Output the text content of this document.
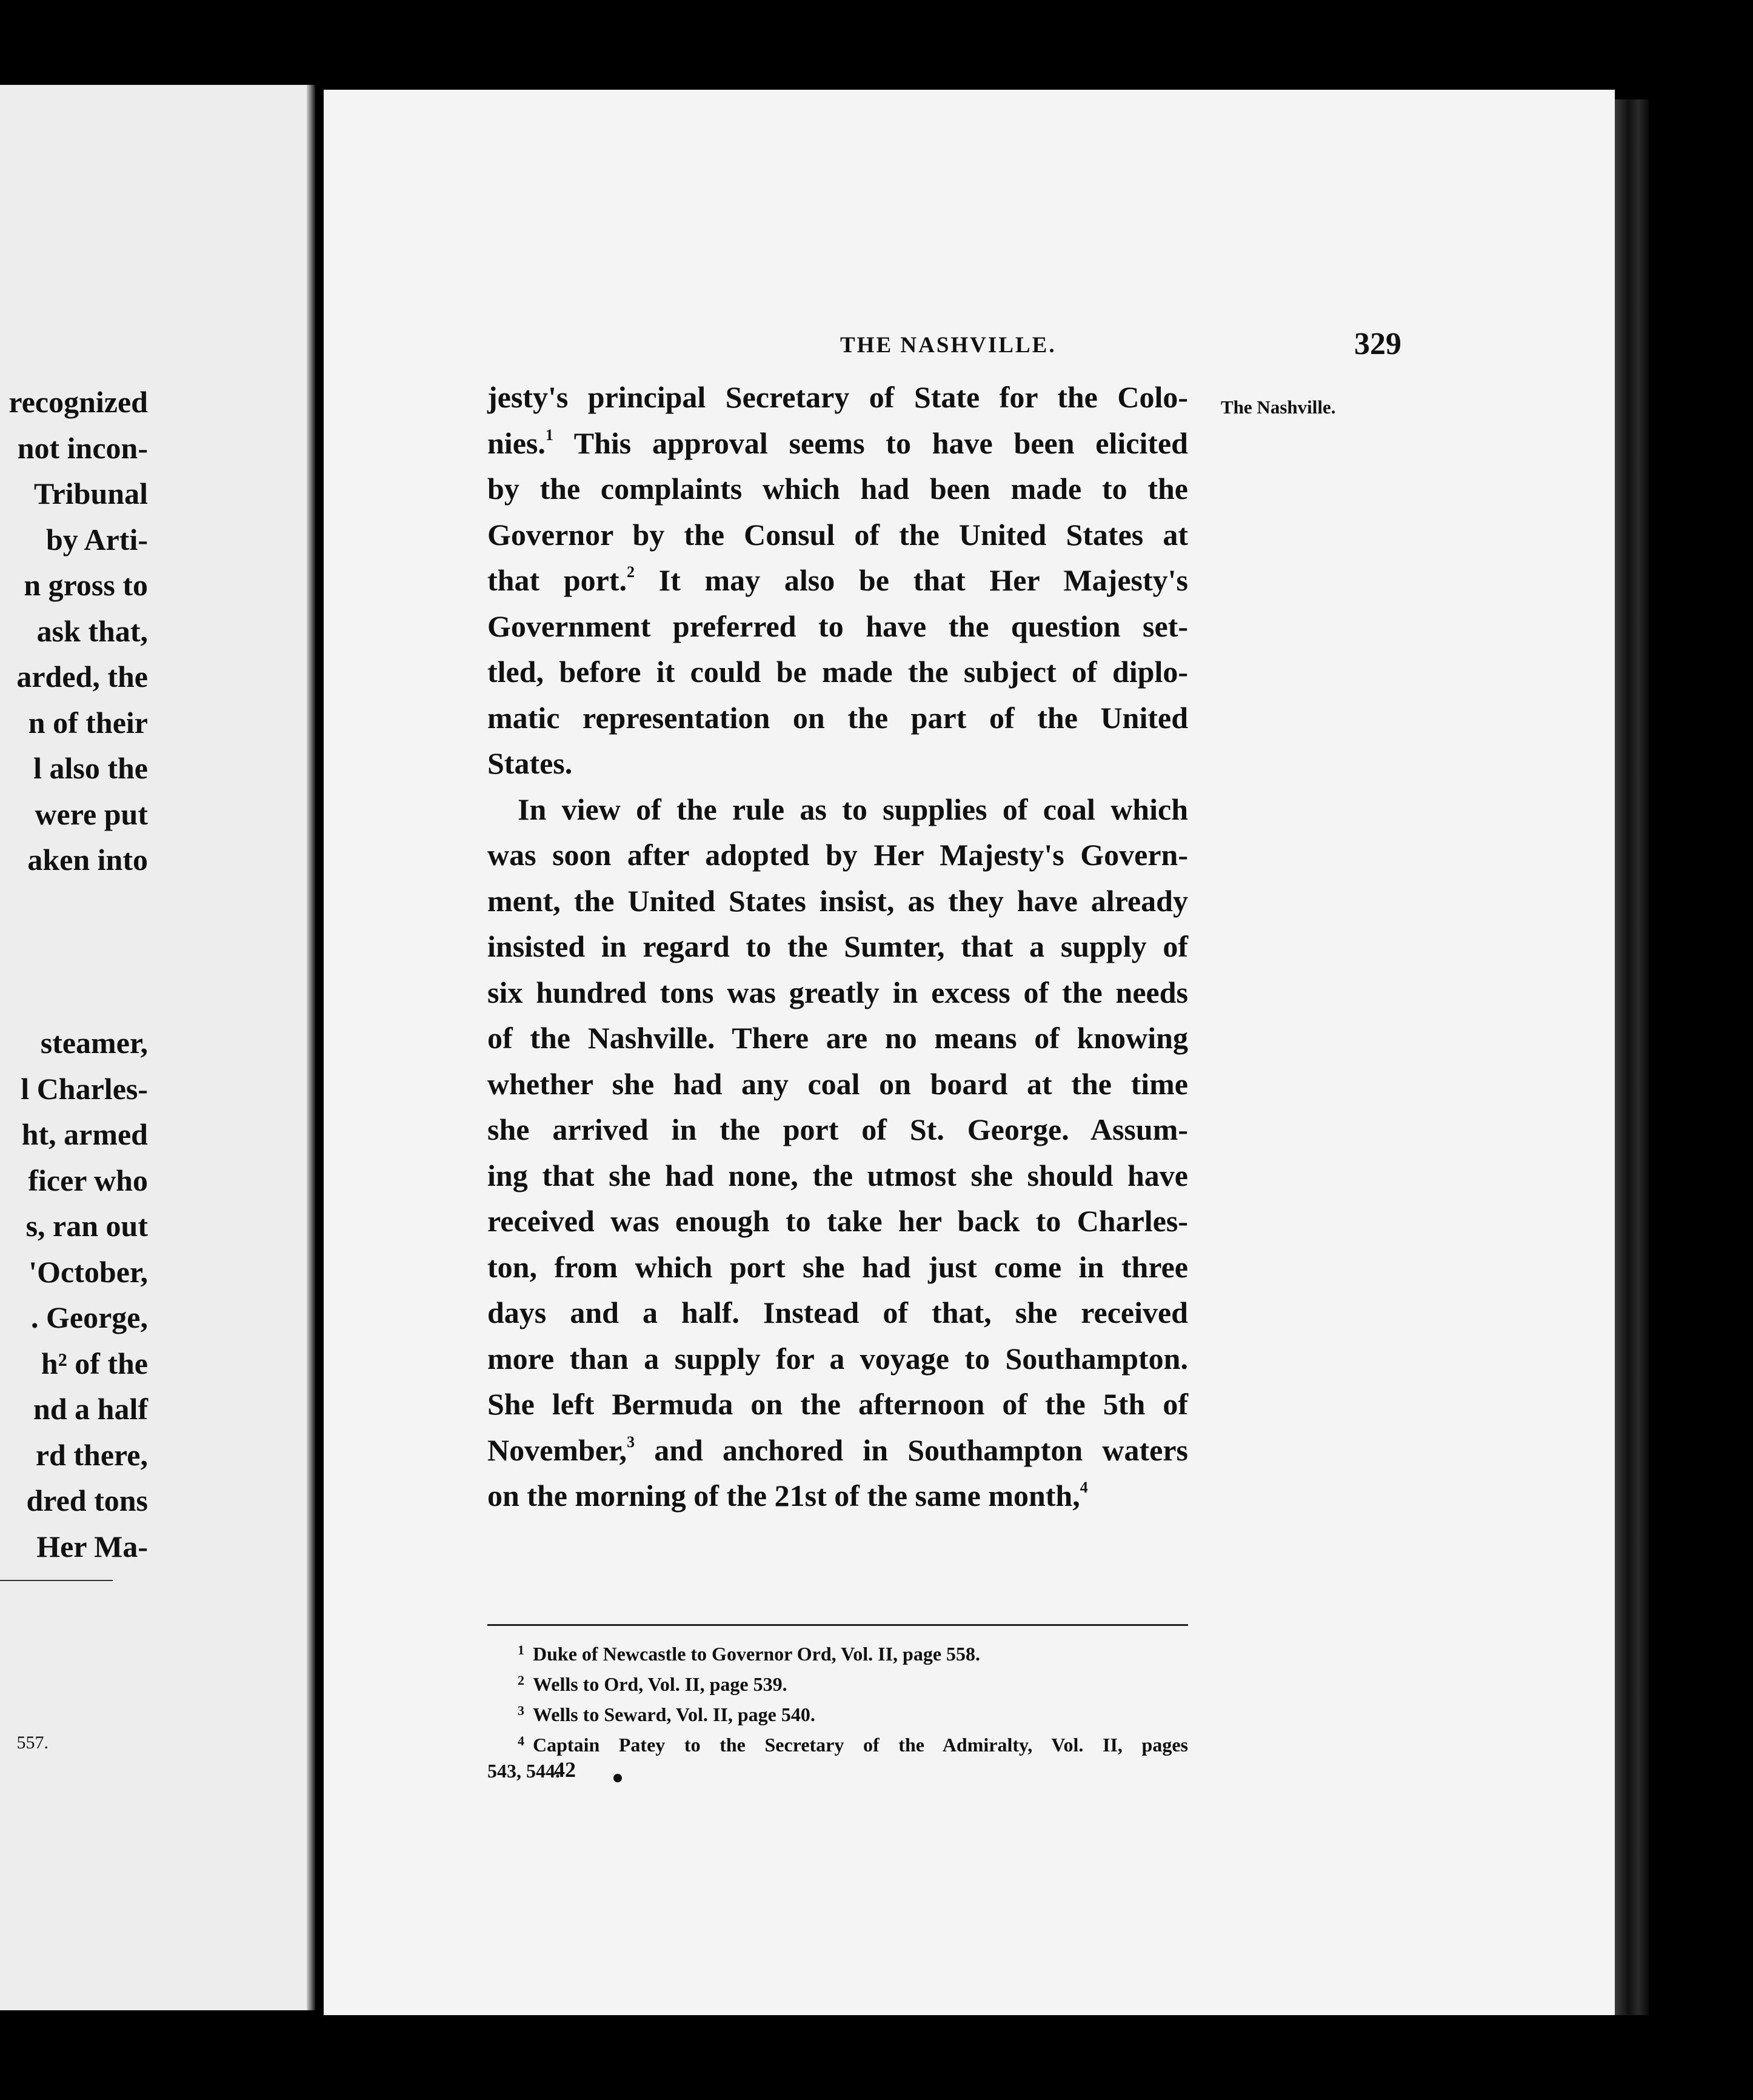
recognized
not incon-
Tribunal
by Arti-
n gross to
ask that,
arded, the
n of their
l also the
were put
aken into
steamer,
l Charles-
ht, armed
ficer who
s, ran out
'October,
. George,
h² of the
nd a half
rd there,
dred tons
Her Ma-
557.
THE NASHVILLE.	329
The Nashville.
jesty's principal Secretary of State for the Colo-
nies.$^1$ This approval seems to have been elicited
by the complaints which had been made to the
Governor by the Consul of the United States at
that port.$^2$ It may also be that Her Majesty's
Government preferred to have the question set-
tled, before it could be made the subject of diplo-
matic representation on the part of the United
States.
In view of the rule as to supplies of coal which
was soon after adopted by Her Majesty's Govern-
ment, the United States insist, as they have already
insisted in regard to the Sumter, that a supply of
six hundred tons was greatly in excess of the needs
of the Nashville. There are no means of knowing
whether she had any coal on board at the time
she arrived in the port of St. George. Assum-
ing that she had none, the utmost she should have
received was enough to take her back to Charles-
ton, from which port she had just come in three
days and a half. Instead of that, she received
more than a supply for a voyage to Southampton.
She left Bermuda on the afternoon of the 5th of
November,$^3$ and anchored in Southampton waters
on the morning of the 21st of the same month,$^4$
$^1$ Duke of Newcastle to Governor Ord, Vol. II, page 558.
$^2$ Wells to Ord, Vol. II, page 539.
$^3$ Wells to Seward, Vol. II, page 540.
$^4$ Captain Patey to the Secretary of the Admiralty, Vol. II, pages
543, 544.
42
